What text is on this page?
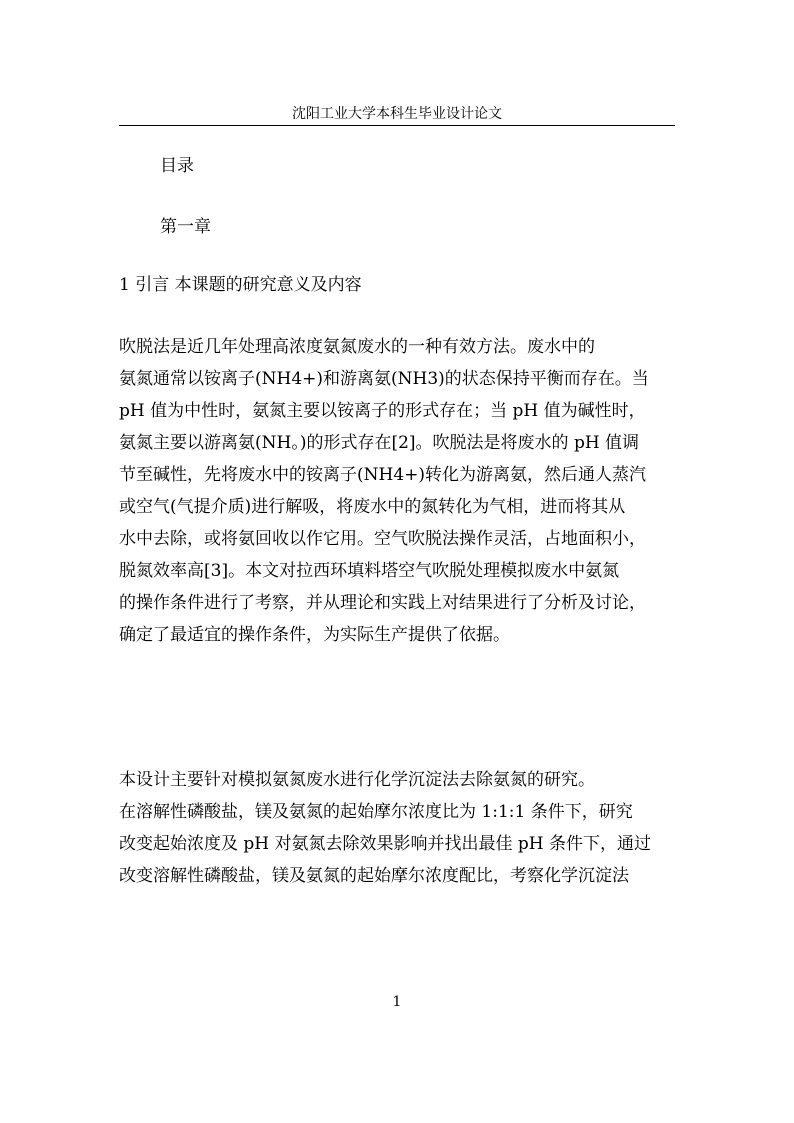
沈阳工业大学本科生毕业设计论文
目录
第一章
1 引言 本课题的研究意义及内容
吹脱法是近几年处理高浓度氨氮废水的一种有效方法。废水中的
氨氮通常以铵离子(NH4+)和游离氨(NH3)的状态保持平衡而存在。当
pH 值为中性时，氨氮主要以铵离子的形式存在；当 pH 值为碱性时，
氨氮主要以游离氨(NH。)的形式存在[2]。吹脱法是将废水的 pH 值调
节至碱性，先将废水中的铵离子(NH4+)转化为游离氨，然后通人蒸汽
或空气(气提介质)进行解吸，将废水中的氮转化为气相，进而将其从
水中去除，或将氨回收以作它用。空气吹脱法操作灵活，占地面积小，
脱氮效率高[3]。本文对拉西环填料塔空气吹脱处理模拟废水中氨氮
的操作条件进行了考察，并从理论和实践上对结果进行了分析及讨论，
确定了最适宜的操作条件，为实际生产提供了依据。
本设计主要针对模拟氨氮废水进行化学沉淀法去除氨氮的研究。
在溶解性磷酸盐，镁及氨氮的起始摩尔浓度比为 1:1:1 条件下，研究
改变起始浓度及 pH 对氨氮去除效果影响并找出最佳 pH 条件下，通过
改变溶解性磷酸盐，镁及氨氮的起始摩尔浓度配比，考察化学沉淀法
1
